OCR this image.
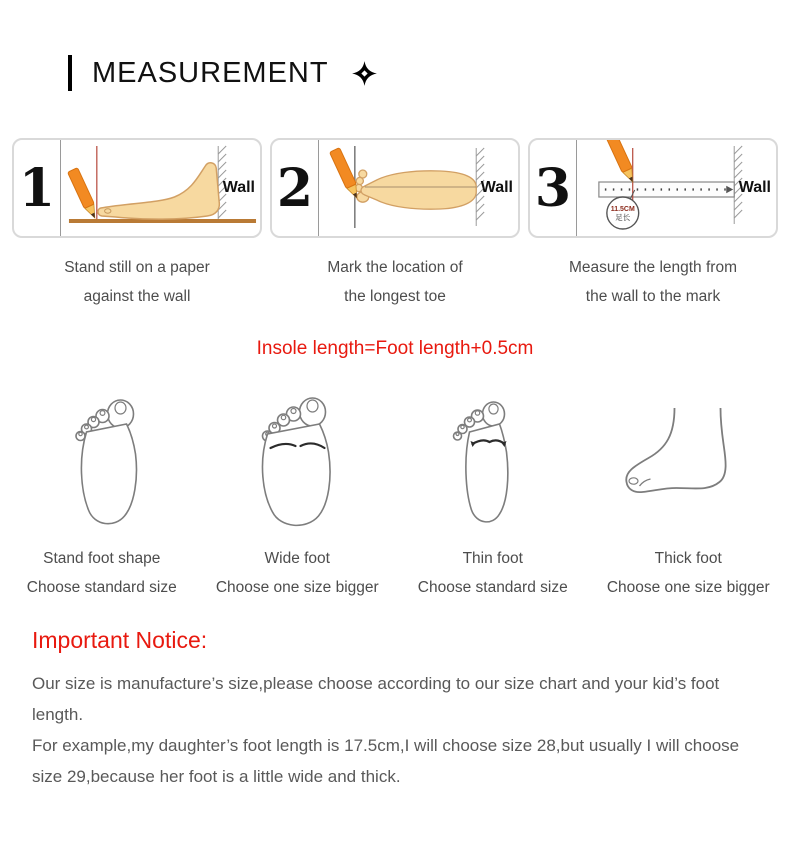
MEASUREMENT
1	Wall 2	Wall 3	11.5CM
足长
Wall
Stand still on a paper
against the wall
Mark the location of
the longest toe
Measure the length from
the wall to the mark
Insole length=Foot length+0.5cm
Stand foot shape
Choose standard size
Wide foot
Choose one size bigger
Thin foot
Choose standard size
Thick foot
Choose one size bigger
Important Notice:

Our size is manufacture’s size,please choose according to our size chart and your kid’s foot length.

For example,my daughter’s foot length is 17.5cm,I will choose size 28,but usually I will choose size 29,because her foot is a little wide and thick.
